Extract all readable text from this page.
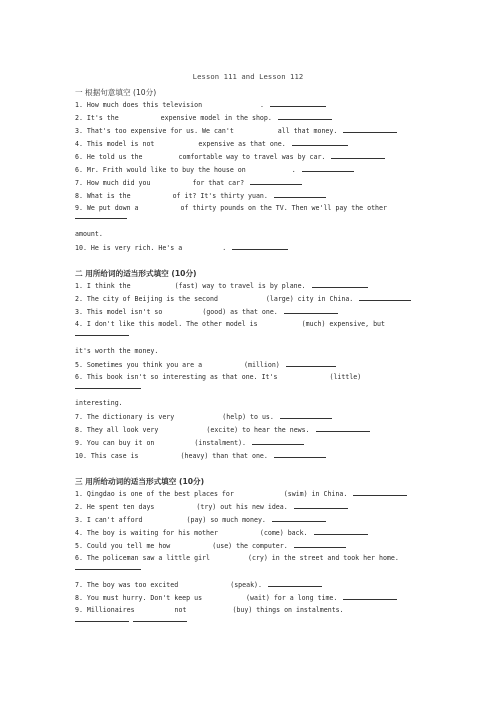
Lesson 111 and Lesson 112
一 根据句意填空 (10分)
1. How much does this television	.
2. It's the	expensive model in the shop.
3. That's too expensive for us. We can't	all that money.
4. This model is not	expensive as that one.
6. He told us the	comfortable way to travel was by car.
6. Mr. Frith would like to buy the house on	.
7. How much did you	for that car?
8. What is the	of it? It's thirty yuan.
9. We put down a	of thirty pounds on the TV. Then we'll pay the other
amount.
10. He is very rich. He's a	.
二 用所给词的适当形式填空 (10分)
1. I think the	(fast) way to travel is by plane.
2. The city of Beijing is the second	(large) city in China.
3. This model isn't so	(good) as that one.
4. I don't like this model. The other model is	(much) expensive, but
it's worth the money.
5. Sometimes you think you are a	(million)
6. This book isn't so interesting as that one. It's	(little)
interesting.
7. The dictionary is very	(help) to us.
8. They all look very	(excite) to hear the news.
9. You can buy it on	(instalment).
10. This case is	(heavy) than that one.
三 用所给动词的适当形式填空 (10分)
1. Qingdao is one of the best places for	(swim) in China.
2. He spent ten days	(try) out his new idea.
3. I can't afford	(pay) so much money.
4. The boy is waiting for his mother	(come) back.
5. Could you tell me how	(use) the computer.
6. The policeman saw a little girl	(cry) in the street and took her home.
7. The boy was too excited	(speak).
8. You must hurry. Don't keep us	(wait) for a long time.
9. Millionaires	not	(buy) things on instalments.
